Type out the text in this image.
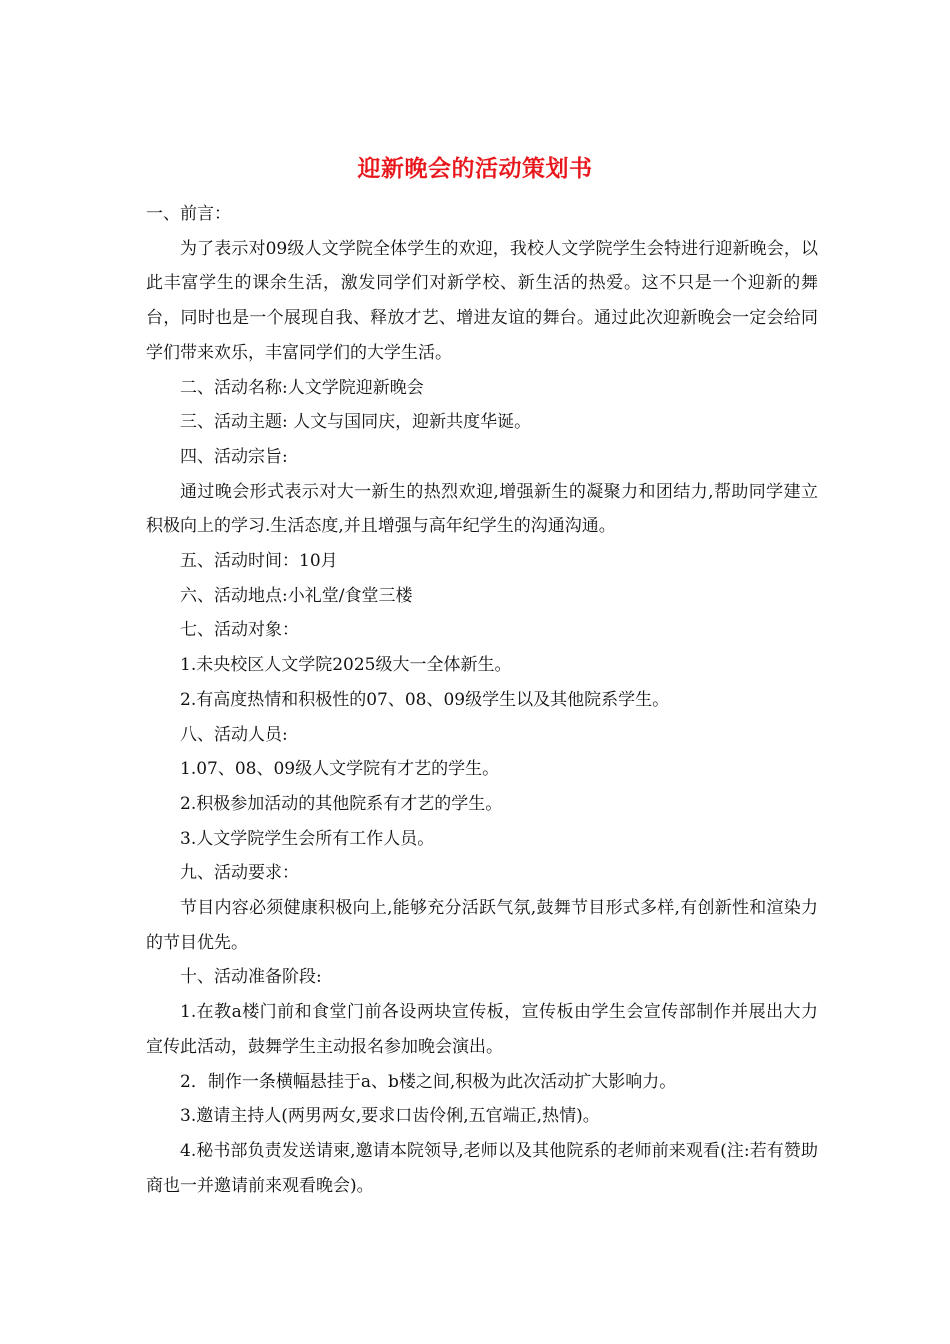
迎新晚会的活动策划书

一、前言：

为了表示对09级人文学院全体学生的欢迎，我校人文学院学生会特进行迎新晚会，以此丰富学生的课余生活，激发同学们对新学校、新生活的热爱。这不只是一个迎新的舞台，同时也是一个展现自我、释放才艺、增进友谊的舞台。通过此次迎新晚会一定会给同学们带来欢乐，丰富同学们的大学生活。

二、活动名称:人文学院迎新晚会

三、活动主题: 人文与国同庆，迎新共度华诞。

四、活动宗旨:

通过晚会形式表示对大一新生的热烈欢迎,增强新生的凝聚力和团结力,帮助同学建立积极向上的学习.生活态度,并且增强与高年纪学生的沟通沟通。

五、活动时间：10月

六、活动地点:小礼堂/食堂三楼

七、活动对象：

1.未央校区人文学院2025级大一全体新生。

2.有高度热情和积极性的07、08、09级学生以及其他院系学生。

八、活动人员:

1.07、08、09级人文学院有才艺的学生。

2.积极参加活动的其他院系有才艺的学生。

3.人文学院学生会所有工作人员。

九、活动要求：

节目内容必须健康积极向上,能够充分活跃气氛,鼓舞节目形式多样,有创新性和渲染力的节目优先。

十、活动准备阶段:

1.在教a楼门前和食堂门前各设两块宣传板，宣传板由学生会宣传部制作并展出大力宣传此活动，鼓舞学生主动报名参加晚会演出。

2．制作一条横幅悬挂于a、b楼之间,积极为此次活动扩大影响力。

3.邀请主持人(两男两女,要求口齿伶俐,五官端正,热情)。

4.秘书部负责发送请柬,邀请本院领导,老师以及其他院系的老师前来观看(注:若有赞助商也一并邀请前来观看晚会)。
